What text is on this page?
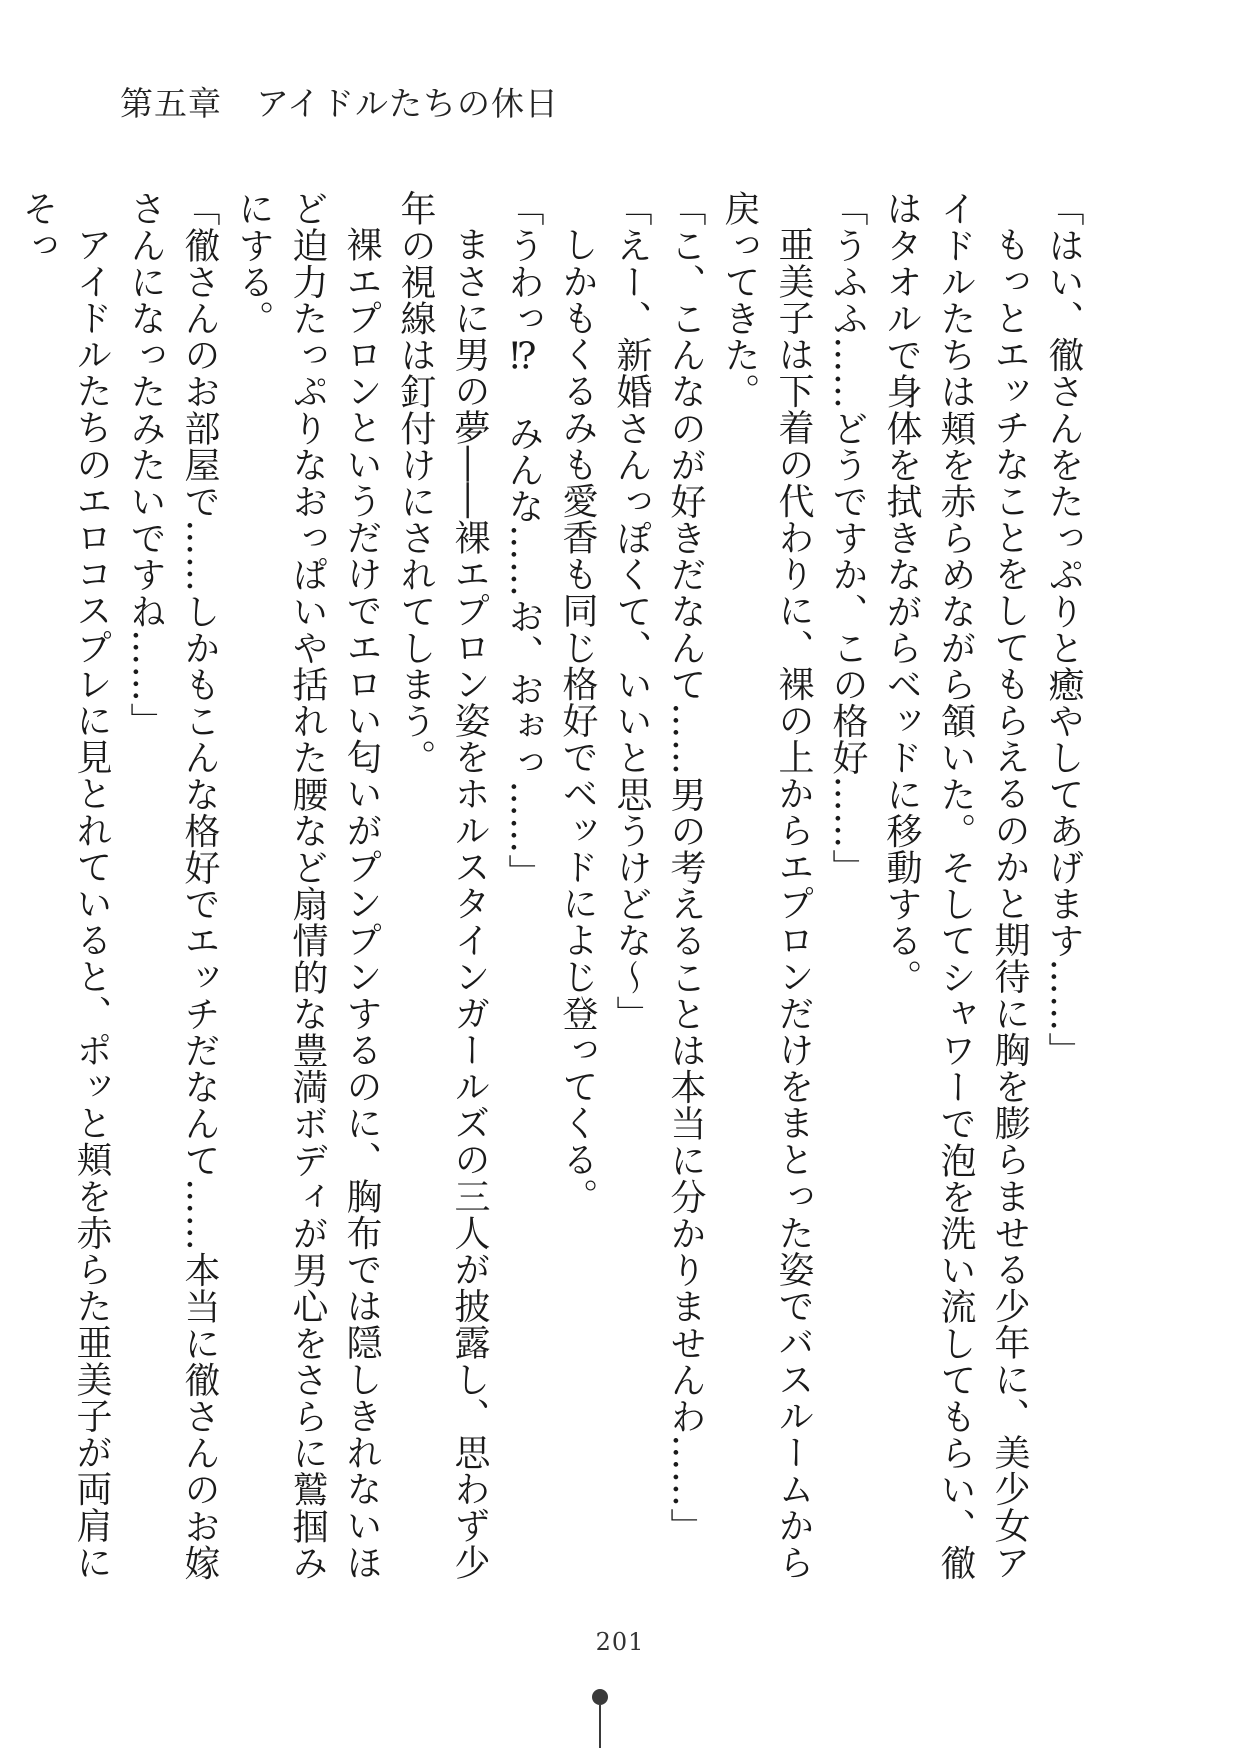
第五章　アイドルたちの休日

「はい、徹さんをたっぷりと癒やしてあげます……」

もっとエッチなことをしてもらえるのかと期待に胸を膨らませる少年に、美少女アイドルたちは頬を赤らめながら頷いた。そしてシャワーで泡を洗い流してもらい、徹はタオルで身体を拭きながらベッドに移動する。

「うふふ……どうですか、この格好……」

亜美子は下着の代わりに、裸の上からエプロンだけをまとった姿でバスルームから戻ってきた。

「こ、こんなのが好きだなんて……男の考えることは本当に分かりませんわ……」

「えー、新婚さんっぽくて、いいと思うけどな～」

しかもくるみも愛香も同じ格好でベッドによじ登ってくる。

「うわっ⁉　みんな……お、おぉっ……」

まさに男の夢――裸エプロン姿をホルスタインガールズの三人が披露し、思わず少年の視線は釘付けにされてしまう。

裸エプロンというだけでエロい匂いがプンプンするのに、胸布では隠しきれないほど迫力たっぷりなおっぱいや括れた腰など扇情的な豊満ボディが男心をさらに鷲掴みにする。

「徹さんのお部屋で……しかもこんな格好でエッチだなんて……本当に徹さんのお嫁さんになったみたいですね……」

アイドルたちのエロコスプレに見とれていると、ポッと頬を赤らた亜美子が両肩にそっ

201
